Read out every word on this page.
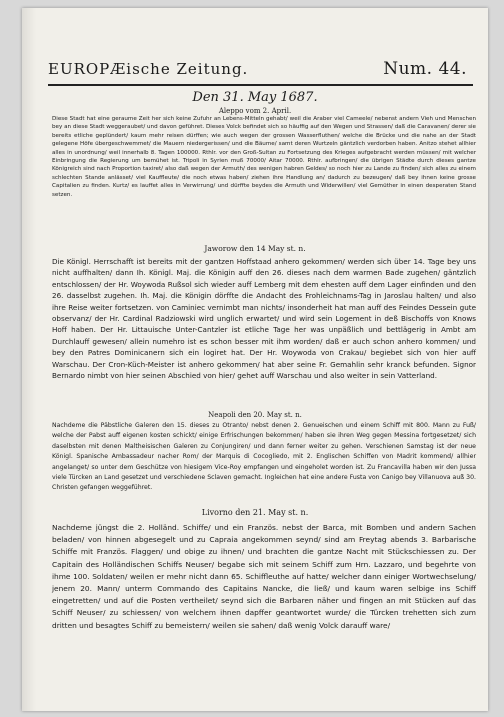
EUROPÆische Zeitung.	Num. 44.
Den 31. May 1687.
Aleppo vom 2. April.

Diese Stadt hat eine geraume Zeit her sich keine Zufuhr an Lebens-Mitteln gehabt/ weil die Araber viel Cameele/ nebenst andern Vieh und Menschen bey an diese Stadt weggeraubet/ und davon geführet. Dieses Volck befindet sich so häuffig auf den Wegen und Strassen/ daß die Caravanen/ derer sie bereits etliche geplündert/ kaum mehr reisen dürffen; wie auch wegen der grossen Wasserfluthen/ welche die Brücke und die nahe an der Stadt gelegene Höfe übergeschwemmet/ die Mauern niedergerissen/ und die Bäume/ samt deren Wurtzeln gäntzlich verdorben haben. Anitzo stehet allhier alles in unordnung/ weil innerhalb 8. Tagen 100000. Rthlr. vor den Groß-Sultan zu Fortsetzung des Krieges aufgebracht werden müssen/ mit welcher Einbringung die Regierung um bemühet ist. Tripoli in Syrien muß 70000/ Aitar 70000. Rthlr. aufbringen/ die übrigen Städte durch dieses gantze Königreich sind nach Proportion taxiret/ also daß wegen der Armuth/ des wenigen habren Geldes/ so noch hier zu Lande zu finden/ sich alles zu einem schlechten Stande anlässet/ viel Kauffleute/ die noch etwas haben/ ziehen ihre Handlung an/ dadurch zu bezeugen/ daß bey ihnen keine grosse Capitalien zu finden. Kurtz/ es lauffet alles in Verwirrung/ und dürffte beydes die Armuth und Widerwillen/ viel Gemüther in einen desperaten Stand setzen.

Jaworow den 14 May st. n.

Die Königl. Herrschafft ist bereits mit der gantzen Hoffstaad anhero gekommen/ werden sich über 14. Tage bey uns nicht auffhalten/ dann Ih. Königl. Maj. die Königin auff den 26. dieses nach dem warmen Bade zugehen/ gäntzlich entschlossen/ der Hr. Woywoda Rußsol sich wieder auff Lemberg mit dem ehesten auff dem Lager einfinden und den 26. dasselbst zugehen. Ih. Maj. die Königin dörffte die Andacht des Frohleichnams-Tag in Jaroslau halten/ und also ihre Reise weiter fortsetzen. von Caminiec vernimbt man nichts/ insonderheit hat man auff des Feindes Dessein gute observanz/ der Hr. Cardinal Radziowski wird unglich erwartet/ und wird sein Logement in deß Bischoffs von Knows Hoff haben. Der Hr. Littauische Unter-Cantzler ist etliche Tage her was unpäßlich und bettlägerig in Ambt am Durchlauff gewesen/ allein numehro ist es schon besser mit ihm worden/ daß er auch schon anhero kommen/ und bey den Patres Dominicanern sich ein logiret hat. Der Hr. Woywoda von Crakau/ begiebet sich von hier auff Warschau. Der Cron-Küch-Meister ist anhero gekommen/ hat aber seine Fr. Gemahlin sehr kranck befunden. Signor Bernardo nimbt von hier seinen Abschied von hier/ gehet auff Warschau und also weiter in sein Vatterland.

Neapoli den 20. May st. n.

Nachdeme die Päbstliche Galeren den 15. dieses zu Otranto/ nebst denen 2. Genueischen und einem Schiff mit 800. Mann zu Fuß/ welche der Pabst auff eigenen kosten schickt/ einige Erfrischungen bekommen/ haben sie ihren Weg gegen Messina fortgesetzet/ sich daselbsten mit denen Maltheisischen Galeren zu Conjungiren/ und dann ferner weiter zu gehen. Verschienen Samstag ist der neue Königl. Spanische Ambassadeur nacher Rom/ der Marquis di Cocogliedo, mit 2. Englischen Schiffen von Madrit kommend/ allhier angelanget/ so unter dem Geschütze von hiesigem Vice-Roy empfangen und eingeholet worden ist. Zu Francavilla haben wir den Jussa viele Türcken an Land gesetzet und verschiedene Sclaven gemacht. Ingleichen hat eine andere Fusta von Canigo bey Villanuova auß 30. Christen gefangen weggeführet.

Livorno den 21. May st. n.

Nachdeme jüngst die 2. Holländ. Schiffe/ und ein Französ. nebst der Barca, mit Bomben und andern Sachen beladen/ von hinnen abgesegelt und zu Capraia angekommen seynd/ sind am Freytag abends 3. Barbarische Schiffe mit Französ. Flaggen/ und obige zu ihnen/ und brachten die gantze Nacht mit Stückschiessen zu. Der Capitain des Holländischen Schiffs Neuser/ begabe sich mit seinem Schiff zum Hrn. Lazzaro, und begehrte von ihme 100. Soldaten/ weilen er mehr nicht dann 65. Schiffleuthe auf hatte/ welcher dann einiger Wortwechselung/ jenem 20. Mann/ unterm Commando des Capitains Nancke, die ließ/ und kaum waren selbige ins Schiff eingetretten/ und auf die Posten vertheilet/ seynd sich die Barbaren näher und fingen an mit Stücken auf das Schiff Neuser/ zu schiessen/ von welchem ihnen dapffer geantwortet wurde/ die Türcken trehetten sich zum dritten und besagtes Schiff zu bemeistern/ weilen sie sahen/ daß wenig Volck darauff ware/
